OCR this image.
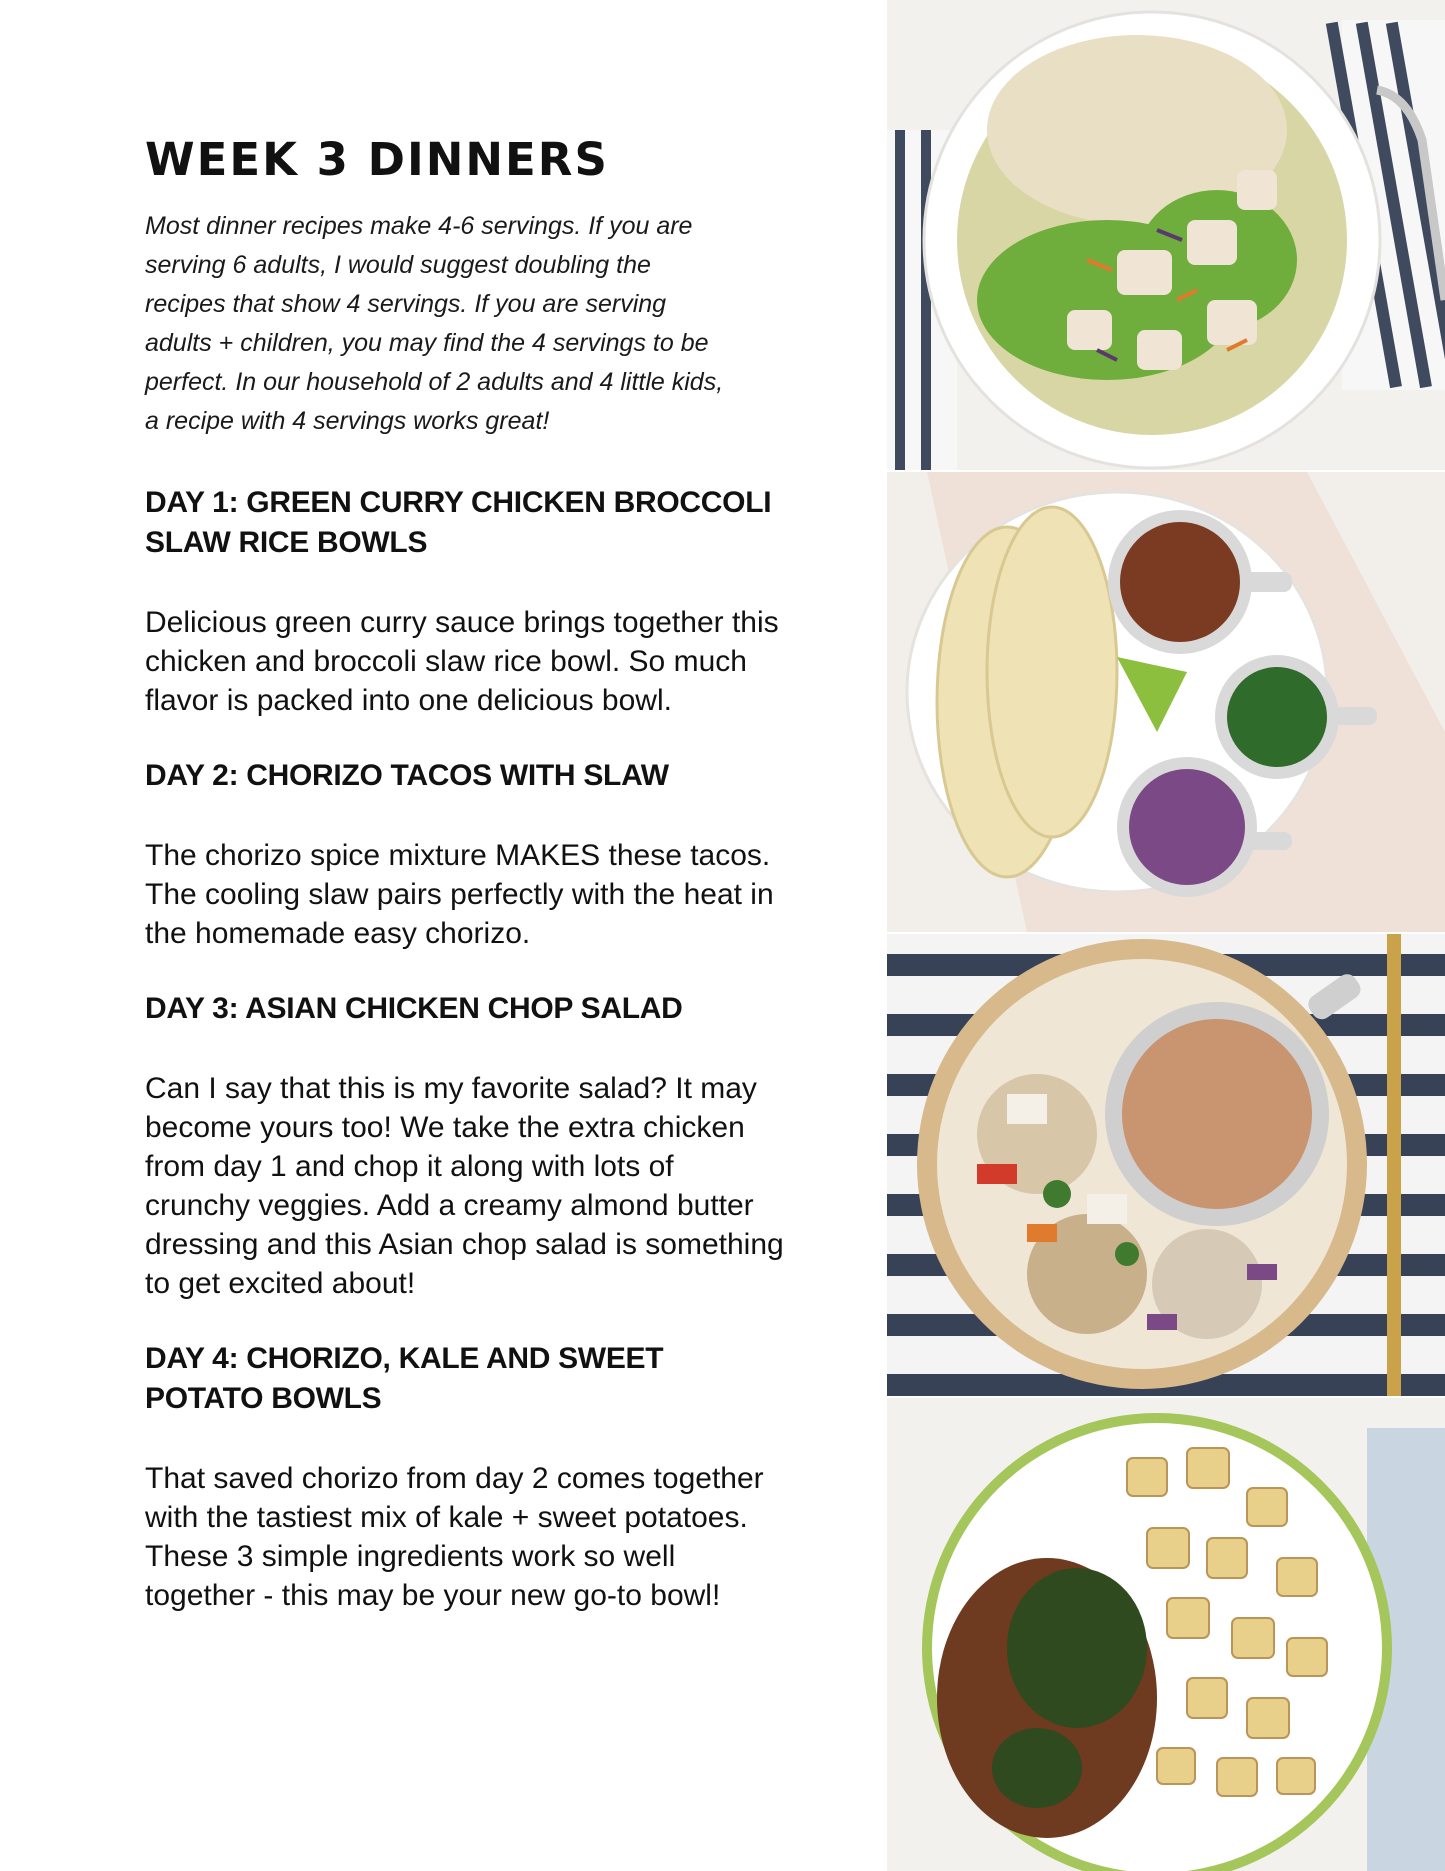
WEEK 3 DINNERS

Most dinner recipes make 4-6 servings. If you are serving 6 adults, I would suggest doubling the recipes that show 4 servings. If you are serving adults + children, you may find the 4 servings to be perfect. In our household of 2 adults and 4 little kids, a recipe with 4 servings works great!

DAY 1: GREEN CURRY CHICKEN BROCCOLI SLAW RICE BOWLS

Delicious green curry sauce brings together this chicken and broccoli slaw rice bowl. So much flavor is packed into one delicious bowl.

DAY 2: CHORIZO TACOS WITH SLAW

The chorizo spice mixture MAKES these tacos. The cooling slaw pairs perfectly with the heat in the homemade easy chorizo.

DAY 3: ASIAN CHICKEN CHOP SALAD

Can I say that this is my favorite salad? It may become yours too! We take the extra chicken from day 1 and chop it along with lots of crunchy veggies. Add a creamy almond butter dressing and this Asian chop salad is something to get excited about!

DAY 4: CHORIZO, KALE AND SWEET POTATO BOWLS

That saved chorizo from day 2 comes together with the tastiest mix of kale + sweet potatoes. These 3 simple ingredients work so well together - this may be your new go-to bowl!
